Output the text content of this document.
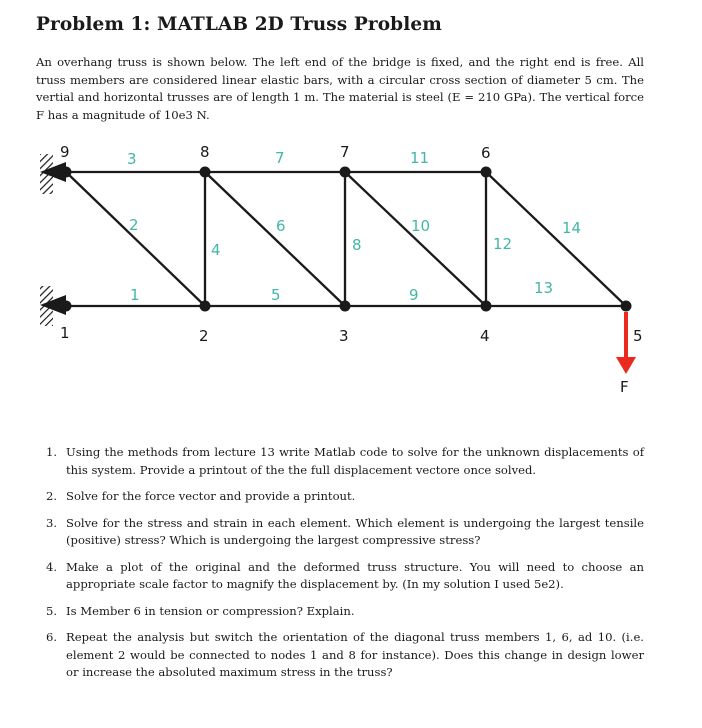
Problem 1: MATLAB 2D Truss Problem

An overhang truss is shown below. The left end of the bridge is fixed, and the right end is free. All truss members are considered linear elastic bars, with a circular cross section of diameter 5 cm. The vertial and horizontal trusses are of length 1 m. The material is steel (E = 210 GPa). The vertical force F has a magnitude of 10e3 N.

F
1	2	3	4	5
6
7
8
9
1
2
3
4
5
6
7
8
9
10
11
12
13
14
1. Using the methods from lecture 13 write Matlab code to solve for the unknown displacements of this system. Provide a printout of the the full displacement vectore once solved.
2. Solve for the force vector and provide a printout.
3. Solve for the stress and strain in each element. Which element is undergoing the largest tensile (positive) stress? Which is undergoing the largest compressive stress?
4. Make a plot of the original and the deformed truss structure. You will need to choose an appropriate scale factor to magnify the displacement by. (In my solution I used 5e2).
5. Is Member 6 in tension or compression? Explain.
6. Repeat the analysis but switch the orientation of the diagonal truss members 1, 6, ad 10. (i.e. element 2 would be connected to nodes 1 and 8 for instance). Does this change in design lower or increase the absoluted maximum stress in the truss?
